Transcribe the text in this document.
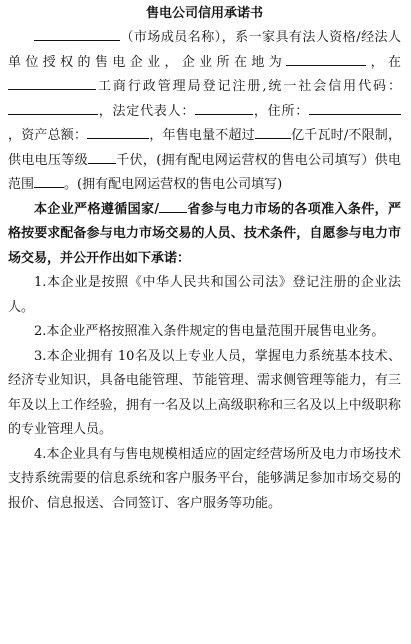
售电公司信用承诺书

（市场成员名称），系一家具有法人资格/经法人单位授权的售电企业，企业所在地为	，在工商行政管理局登记注册,统一社会信用代码：，法定代表人：	，住所：，资产总额：	，年售电量不超过	亿千瓦时/不限制，供电电压等级 千伏，(拥有配电网运营权的售电公司填写）供电范围 。(拥有配电网运营权的售电公司填写)

本企业严格遵循国家/ 省参与电力市场的各项准入条件，严格按要求配备参与电力市场交易的人员、技术条件，自愿参与电力市场交易，并公开作出如下承诺：

1.本企业是按照《中华人民共和国公司法》登记注册的企业法人。

2.本企业严格按照准入条件规定的售电量范围开展售电业务。

3.本企业拥有 10名及以上专业人员，掌握电力系统基本技术、经济专业知识，具备电能管理、节能管理、需求侧管理等能力，有三年及以上工作经验，拥有一名及以上高级职称和三名及以上中级职称的专业管理人员。

4.本企业具有与售电规模相适应的固定经营场所及电力市场技术支持系统需要的信息系统和客户服务平台，能够满足参加市场交易的报价、信息报送、合同签订、客户服务等功能。
